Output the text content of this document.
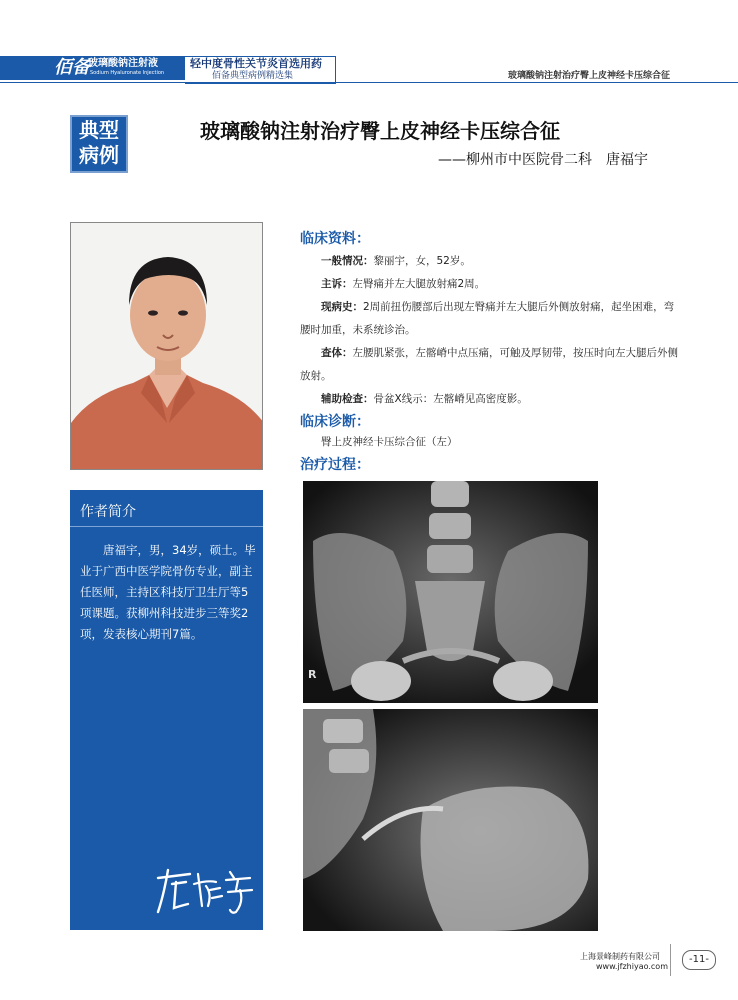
佰备
玻璃酸钠注射液
Sodium Hyaluronate Injection
轻中度骨性关节炎首选用药
佰备典型病例精选集	玻璃酸钠注射治疗臀上皮神经卡压综合征
典型
病例
玻璃酸钠注射治疗臀上皮神经卡压综合征
——柳州市中医院骨二科　唐福宇
作者简介
唐福宇，男，34岁，硕士。毕业于广西中医学院骨伤专业，副主任医师，主持区科技厅卫生厅等5项课题。获柳州科技进步三等奖2项，发表核心期刊7篇。
临床资料：
一般情况：黎丽宇，女，52岁。
主诉：左臀痛并左大腿放射痛2周。
现病史：2周前扭伤腰部后出现左臀痛并左大腿后外侧放射痛，起坐困难，弯腰时加重，未系统诊治。
查体：左腰肌紧张，左髂嵴中点压痛，可触及厚韧带，按压时向左大腿后外侧放射。
辅助检查：骨盆X线示：左髂嵴见高密度影。
临床诊断：
臀上皮神经卡压综合征（左）
治疗过程：
R
上海景峰制药有限公司
www.jfzhiyao.com
-11-
